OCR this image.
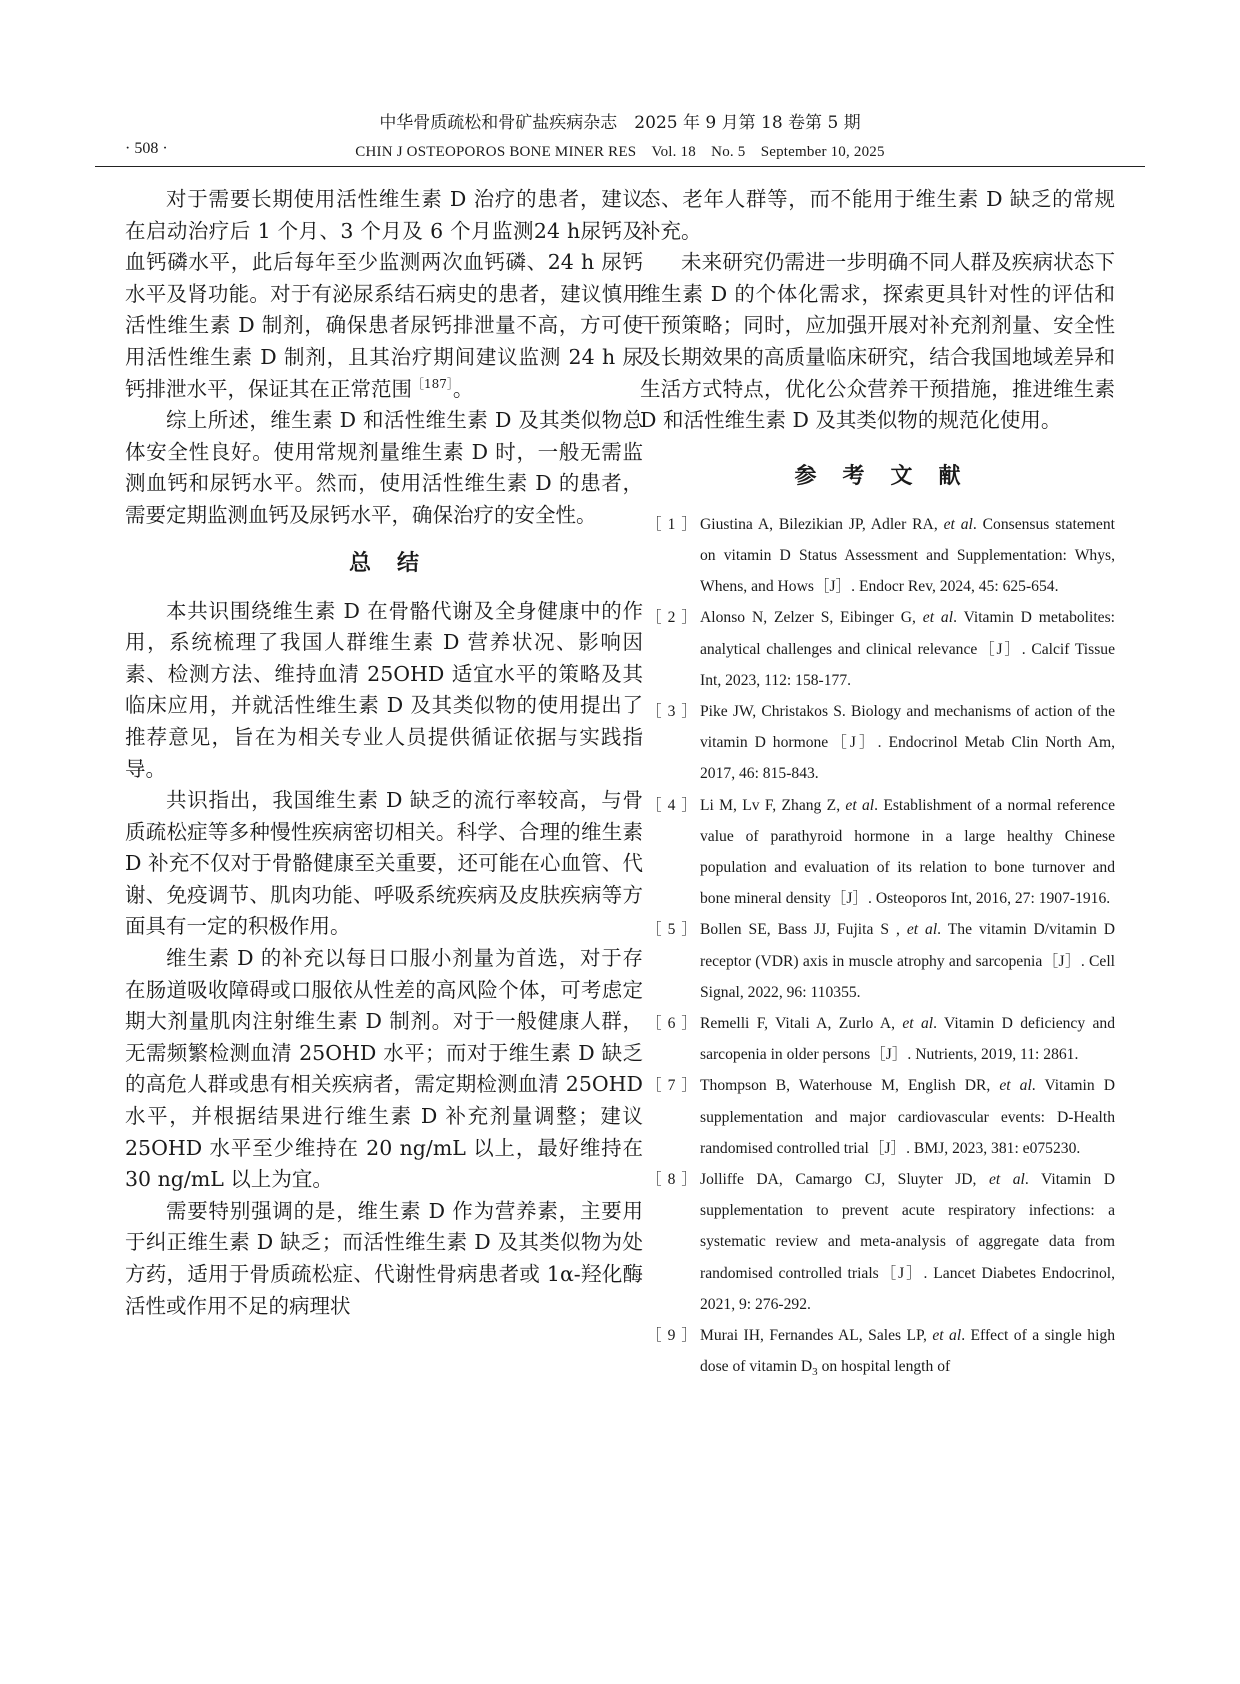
中华骨质疏松和骨矿盐疾病杂志　2025 年 9 月第 18 卷第 5 期
· 508 ·	CHIN J OSTEOPOROS BONE MINER RES　Vol. 18　No. 5　September 10, 2025

对于需要长期使用活性维生素 D 治疗的患者，建议在启动治疗后 1 个月、3 个月及 6 个月监测24 h尿钙及血钙磷水平，此后每年至少监测两次血钙磷、24 h 尿钙水平及肾功能。对于有泌尿系结石病史的患者，建议慎用活性维生素 D 制剂，确保患者尿钙排泄量不高，方可使用活性维生素 D 制剂，且其治疗期间建议监测 24 h 尿钙排泄水平，保证其在正常范围$^{[187]}$。

综上所述，维生素 D 和活性维生素 D 及其类似物总体安全性良好。使用常规剂量维生素 D 时，一般无需监测血钙和尿钙水平。然而，使用活性维生素 D 的患者，需要定期监测血钙及尿钙水平，确保治疗的安全性。

总结

本共识围绕维生素 D 在骨骼代谢及全身健康中的作用，系统梳理了我国人群维生素 D 营养状况、影响因素、检测方法、维持血清 25OHD 适宜水平的策略及其临床应用，并就活性维生素 D 及其类似物的使用提出了推荐意见，旨在为相关专业人员提供循证依据与实践指导。

共识指出，我国维生素 D 缺乏的流行率较高，与骨质疏松症等多种慢性疾病密切相关。科学、合理的维生素 D 补充不仅对于骨骼健康至关重要，还可能在心血管、代谢、免疫调节、肌肉功能、呼吸系统疾病及皮肤疾病等方面具有一定的积极作用。

维生素 D 的补充以每日口服小剂量为首选，对于存在肠道吸收障碍或口服依从性差的高风险个体，可考虑定期大剂量肌肉注射维生素 D 制剂。对于一般健康人群，无需频繁检测血清 25OHD 水平；而对于维生素 D 缺乏的高危人群或患有相关疾病者，需定期检测血清 25OHD 水平，并根据结果进行维生素 D 补充剂量调整；建议 25OHD 水平至少维持在 20 ng/mL 以上，最好维持在 30 ng/mL 以上为宜。

需要特别强调的是，维生素 D 作为营养素，主要用于纠正维生素 D 缺乏；而活性维生素 D 及其类似物为处方药，适用于骨质疏松症、代谢性骨病患者或 1α-羟化酶活性或作用不足的病理状

态、老年人群等，而不能用于维生素 D 缺乏的常规补充。

未来研究仍需进一步明确不同人群及疾病状态下维生素 D 的个体化需求，探索更具针对性的评估和干预策略；同时，应加强开展对补充剂剂量、安全性及长期效果的高质量临床研究，结合我国地域差异和生活方式特点，优化公众营养干预措施，推进维生素 D 和活性维生素 D 及其类似物的规范化使用。

参考文献
［1］
Giustina A, Bilezikian JP, Adler RA, et al. Consensus statement on vitamin D Status Assessment and Supplementation: Whys, Whens, and Hows［J］. Endocr Rev, 2024, 45: 625-654.
［2］
Alonso N, Zelzer S, Eibinger G, et al. Vitamin D metabolites: analytical challenges and clinical relevance［J］. Calcif Tissue Int, 2023, 112: 158-177.
［3］
Pike JW, Christakos S. Biology and mechanisms of action of the vitamin D hormone［J］. Endocrinol Metab Clin North Am, 2017, 46: 815-843.
［4］
Li M, Lv F, Zhang Z, et al. Establishment of a normal reference value of parathyroid hormone in a large healthy Chinese population and evaluation of its relation to bone turnover and bone mineral density［J］. Osteoporos Int, 2016, 27: 1907-1916.
［5］
Bollen SE, Bass JJ, Fujita S , et al. The vitamin D/vitamin D receptor (VDR) axis in muscle atrophy and sarcopenia［J］. Cell Signal, 2022, 96: 110355.
［6］
Remelli F, Vitali A, Zurlo A, et al. Vitamin D deficiency and sarcopenia in older persons［J］. Nutrients, 2019, 11: 2861.
［7］
Thompson B, Waterhouse M, English DR, et al. Vitamin D supplementation and major cardiovascular events: D-Health randomised controlled trial［J］. BMJ, 2023, 381: e075230.
［8］
Jolliffe DA, Camargo CJ, Sluyter JD, et al. Vitamin D supplementation to prevent acute respiratory infections: a systematic review and meta-analysis of aggregate data from randomised controlled trials［J］. Lancet Diabetes Endocrinol, 2021, 9: 276-292.
［9］
Murai IH, Fernandes AL, Sales LP, et al. Effect of a single high dose of vitamin $D_3$ on hospital length of
